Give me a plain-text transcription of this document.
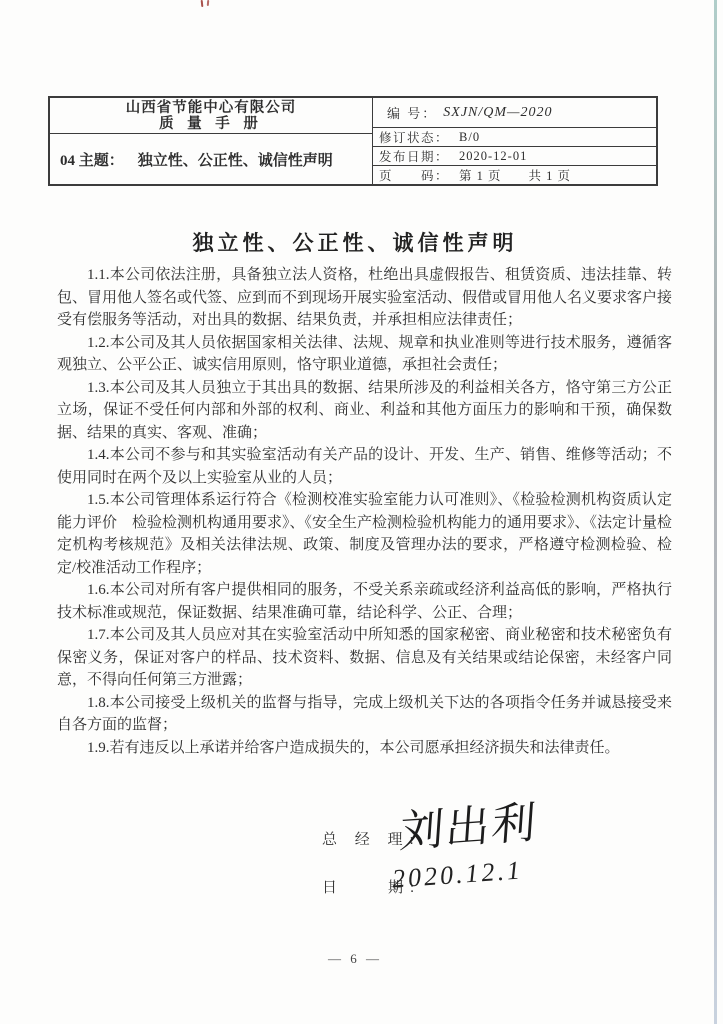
山西省节能中心有限公司
质 量 手 册
04 主题： 独立性、公正性、诚信性声明
编 号： SXJN/QM—2020
修订状态： B/0
发布日期： 2020-12-01
页　　码： 第 1 页　　共 1 页
独立性、公正性、诚信性声明

1.1.本公司依法注册，具备独立法人资格，杜绝出具虚假报告、租赁资质、违法挂靠、转包、冒用他人签名或代签、应到而不到现场开展实验室活动、假借或冒用他人名义要求客户接受有偿服务等活动，对出具的数据、结果负责，并承担相应法律责任；

1.2.本公司及其人员依据国家相关法律、法规、规章和执业准则等进行技术服务，遵循客观独立、公平公正、诚实信用原则，恪守职业道德，承担社会责任；

1.3.本公司及其人员独立于其出具的数据、结果所涉及的利益相关各方，恪守第三方公正立场，保证不受任何内部和外部的权利、商业、利益和其他方面压力的影响和干预，确保数据、结果的真实、客观、准确；

1.4.本公司不参与和其实验室活动有关产品的设计、开发、生产、销售、维修等活动；不使用同时在两个及以上实验室从业的人员；

1.5.本公司管理体系运行符合《检测校准实验室能力认可准则》、《检验检测机构资质认定能力评价　检验检测机构通用要求》、《安全生产检测检验机构能力的通用要求》、《法定计量检定机构考核规范》及相关法律法规、政策、制度及管理办法的要求，严格遵守检测检验、检定/校准活动工作程序；

1.6.本公司对所有客户提供相同的服务，不受关系亲疏或经济利益高低的影响，严格执行技术标准或规范，保证数据、结果准确可靠，结论科学、公正、合理；

1.7.本公司及其人员应对其在实验室活动中所知悉的国家秘密、商业秘密和技术秘密负有保密义务，保证对客户的样品、技术资料、数据、信息及有关结果或结论保密，未经客户同意，不得向任何第三方泄露；

1.8.本公司接受上级机关的监督与指导，完成上级机关下达的各项指令任务并诚恳接受来自各方面的监督；

1.9.若有违反以上承诺并给客户造成损失的，本公司愿承担经济损失和法律责任。

总 经 理:
刘出利
日　　期:
2020.12.1
— 6 —
